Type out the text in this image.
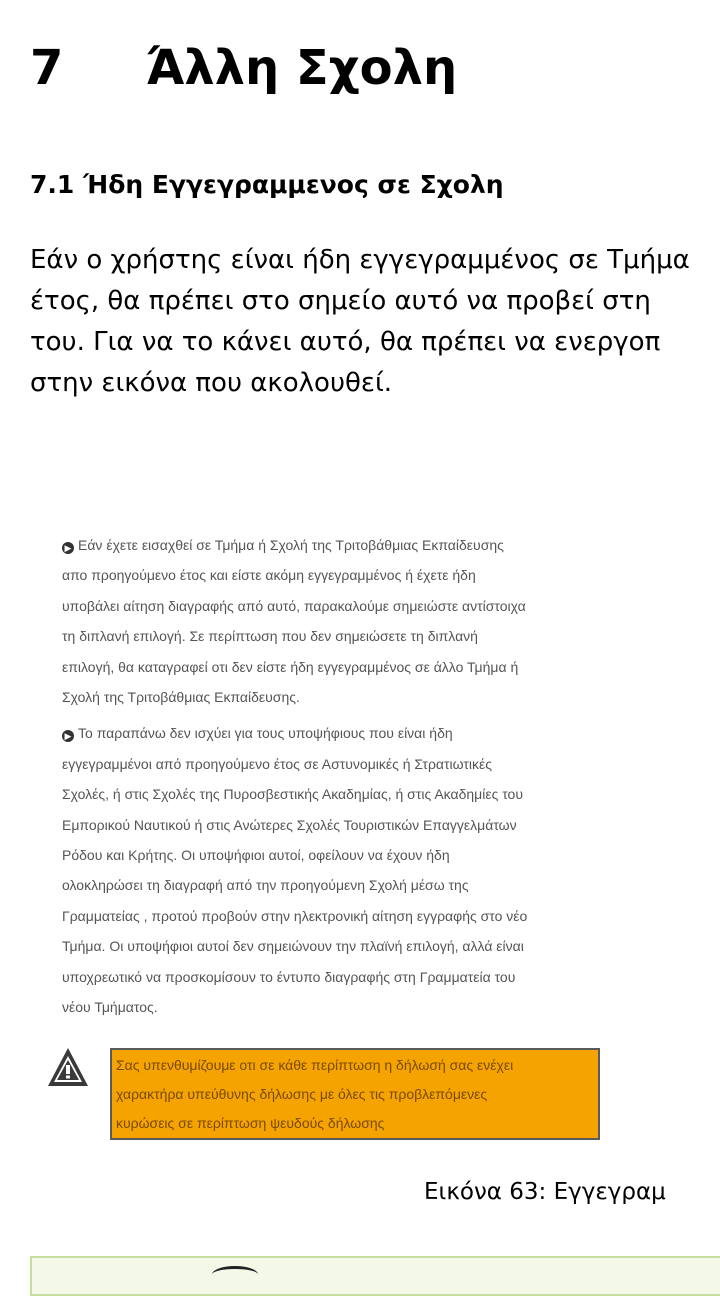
7 Άλλη Σχολη
7.1 Ήδη Εγγεγραμμενος σε Σχολη

Εάν ο χρήστης είναι ήδη εγγεγραμμένος σε Τμήμα
έτος, θα πρέπει στο σημείο αυτό να προβεί στη
του. Για να το κάνει αυτό, θα πρέπει να ενεργοπ
στην εικόνα που ακολουθεί.

▶ Εάν έχετε εισαχθεί σε Τμήμα ή Σχολή της Τριτοβάθμιας Εκπαίδευσης
απο προηγούμενο έτος και είστε ακόμη εγγεγραμμένος ή έχετε ήδη
υποβάλει αίτηση διαγραφής από αυτό, παρακαλούμε σημειώστε αντίστοιχα
τη διπλανή επιλογή. Σε περίπτωση που δεν σημειώσετε τη διπλανή
επιλογή, θα καταγραφεί οτι δεν είστε ήδη εγγεγραμμένος σε άλλο Τμήμα ή
Σχολή της Τριτοβάθμιας Εκπαίδευσης.

▶ Το παραπάνω δεν ισχύει για τους υποψήφιους που είναι ήδη
εγγεγραμμένοι από προηγούμενο έτος σε Αστυνομικές ή Στρατιωτικές
Σχολές, ή στις Σχολές της Πυροσβεστικής Ακαδημίας, ή στις Ακαδημίες του
Εμπορικού Ναυτικού ή στις Ανώτερες Σχολές Τουριστικών Επαγγελμάτων
Ρόδου και Κρήτης. Οι υποψήφιοι αυτοί, οφείλουν να έχουν ήδη
ολοκληρώσει τη διαγραφή από την προηγούμενη Σχολή μέσω της
Γραμματείας , προτού προβούν στην ηλεκτρονική αίτηση εγγραφής στο νέο
Τμήμα. Οι υποψήφιοι αυτοί δεν σημειώνουν την πλαϊνή επιλογή, αλλά είναι
υποχρεωτικό να προσκομίσουν το έντυπο διαγραφής στη Γραμματεία του
νέου Τμήματος.

Σας υπενθυμίζουμε οτι σε κάθε περίπτωση η δήλωσή σας ενέχει
χαρακτήρα υπεύθυνης δήλωσης με όλες τις προβλεπόμενες
κυρώσεις σε περίπτωση ψευδούς δήλωσης

Εικόνα 63: Εγγεγραμ
